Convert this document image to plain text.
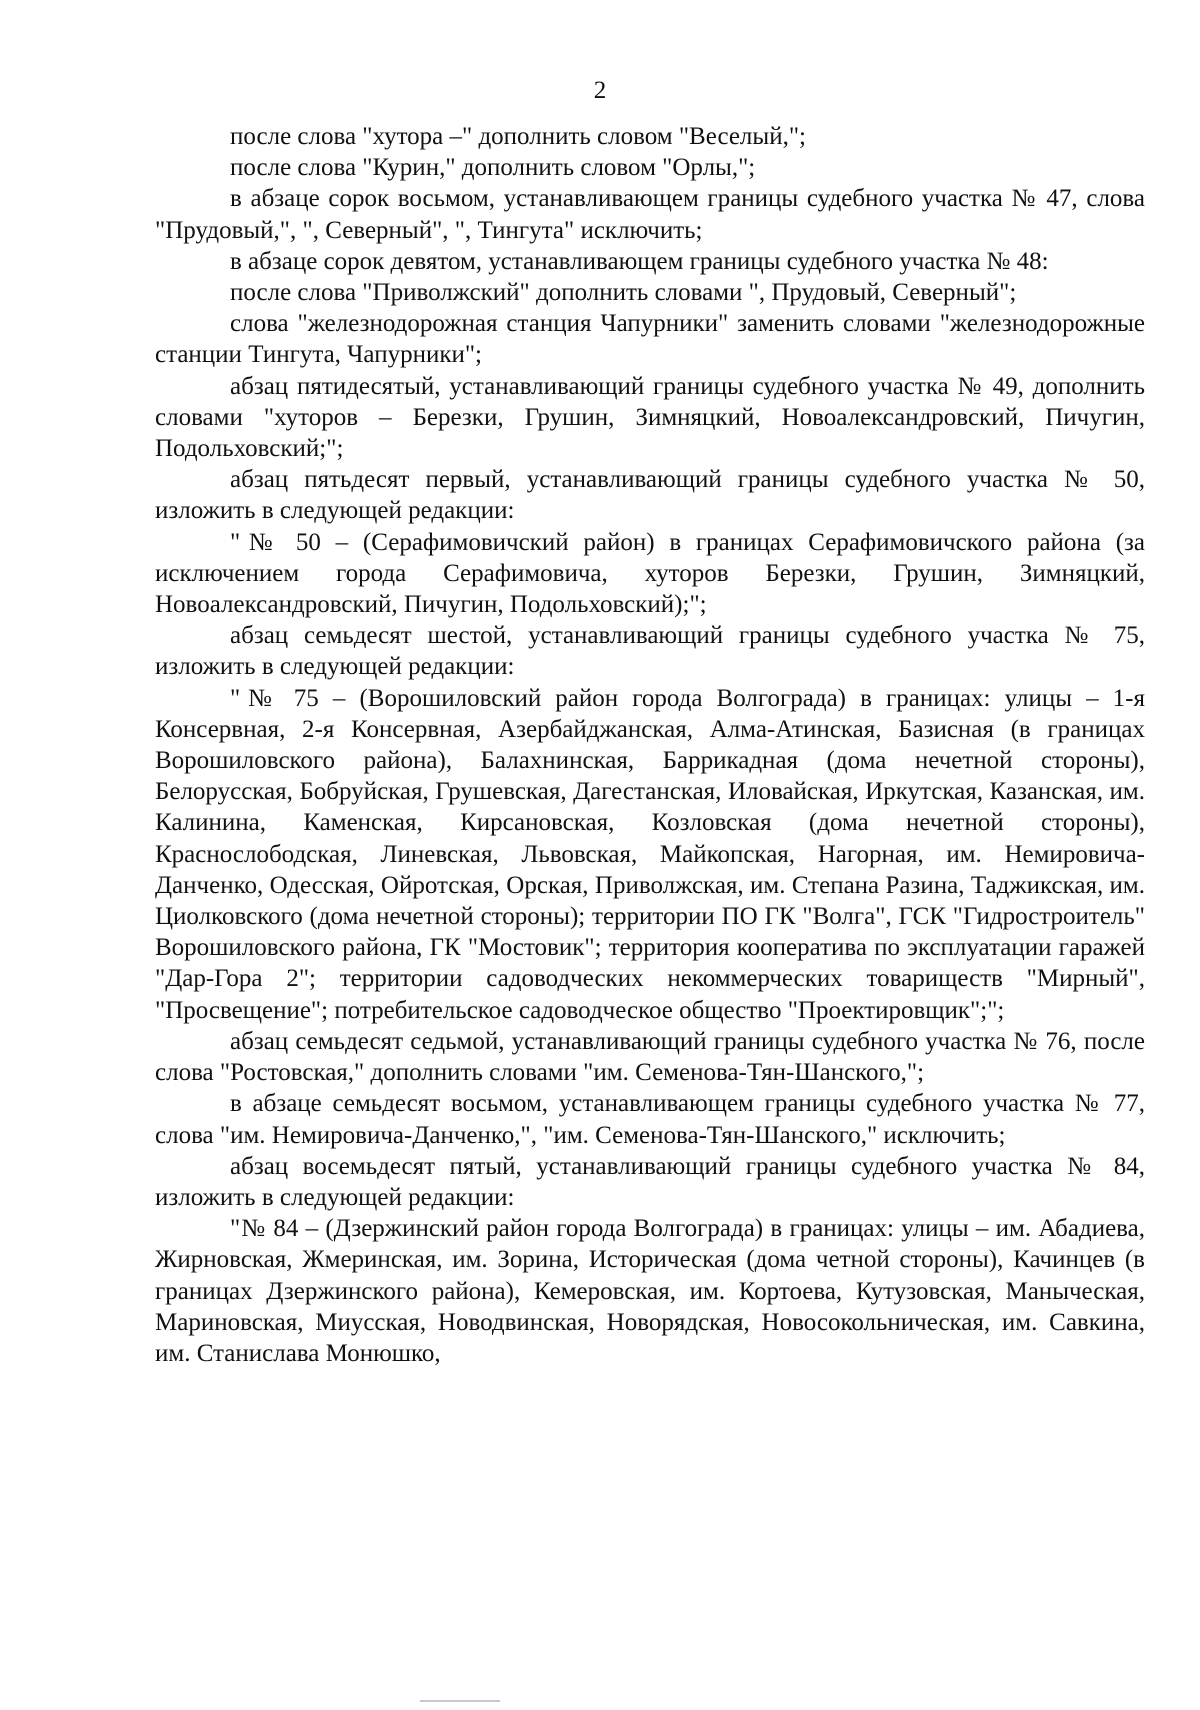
2

после слова "хутора –" дополнить словом "Веселый,";

после слова "Курин," дополнить словом "Орлы,";

в абзаце сорок восьмом, устанавливающем границы судебного участка № 47, слова "Прудовый,", ", Северный", ", Тингута" исключить;

в абзаце сорок девятом, устанавливающем границы судебного участка № 48:

после слова "Приволжский" дополнить словами ", Прудовый, Северный";

слова "железнодорожная станция Чапурники" заменить словами "железнодорожные станции Тингута, Чапурники";

абзац пятидесятый, устанавливающий границы судебного участка № 49, дополнить словами "хуторов – Березки, Грушин, Зимняцкий, Новоалександровский, Пичугин, Подольховский;";

абзац пятьдесят первый, устанавливающий границы судебного участка № 50, изложить в следующей редакции:

"№ 50 – (Серафимовичский район) в границах Серафимовичского района (за исключением города Серафимовича, хуторов Березки, Грушин, Зимняцкий, Новоалександровский, Пичугин, Подольховский);";

абзац семьдесят шестой, устанавливающий границы судебного участка № 75, изложить в следующей редакции:

"№ 75 – (Ворошиловский район города Волгограда) в границах: улицы – 1-я Консервная, 2-я Консервная, Азербайджанская, Алма-Атинская, Базисная (в границах Ворошиловского района), Балахнинская, Баррикадная (дома нечетной стороны), Белорусская, Бобруйская, Грушевская, Дагестанская, Иловайская, Иркутская, Казанская, им. Калинина, Каменская, Кирсановская, Козловская (дома нечетной стороны), Краснослободская, Линевская, Львовская, Майкопская, Нагорная, им. Немировича-Данченко, Одесская, Ойротская, Орская, Приволжская, им. Степана Разина, Таджикская, им. Циолковского (дома нечетной стороны); территории ПО ГК "Волга", ГСК "Гидростроитель" Ворошиловского района, ГК "Мостовик"; территория кооператива по эксплуатации гаражей "Дар-Гора 2"; территории садоводческих некоммерческих товариществ "Мирный", "Просвещение"; потребительское садоводческое общество "Проектировщик";";

абзац семьдесят седьмой, устанавливающий границы судебного участка № 76, после слова "Ростовская," дополнить словами "им. Семенова-Тян-Шанского,";

в абзаце семьдесят восьмом, устанавливающем границы судебного участка № 77, слова "им. Немировича-Данченко,", "им. Семенова-Тян-Шанского," исключить;

абзац восемьдесят пятый, устанавливающий границы судебного участка № 84, изложить в следующей редакции:

"№ 84 – (Дзержинский район города Волгограда) в границах: улицы – им. Абадиева, Жирновская, Жмеринская, им. Зорина, Историческая (дома четной стороны), Качинцев (в границах Дзержинского района), Кемеровская, им. Кортоева, Кутузовская, Маныческая, Мариновская, Миусская, Новодвинская, Новорядская, Новосокольническая, им. Савкина, им. Станислава Монюшко,
